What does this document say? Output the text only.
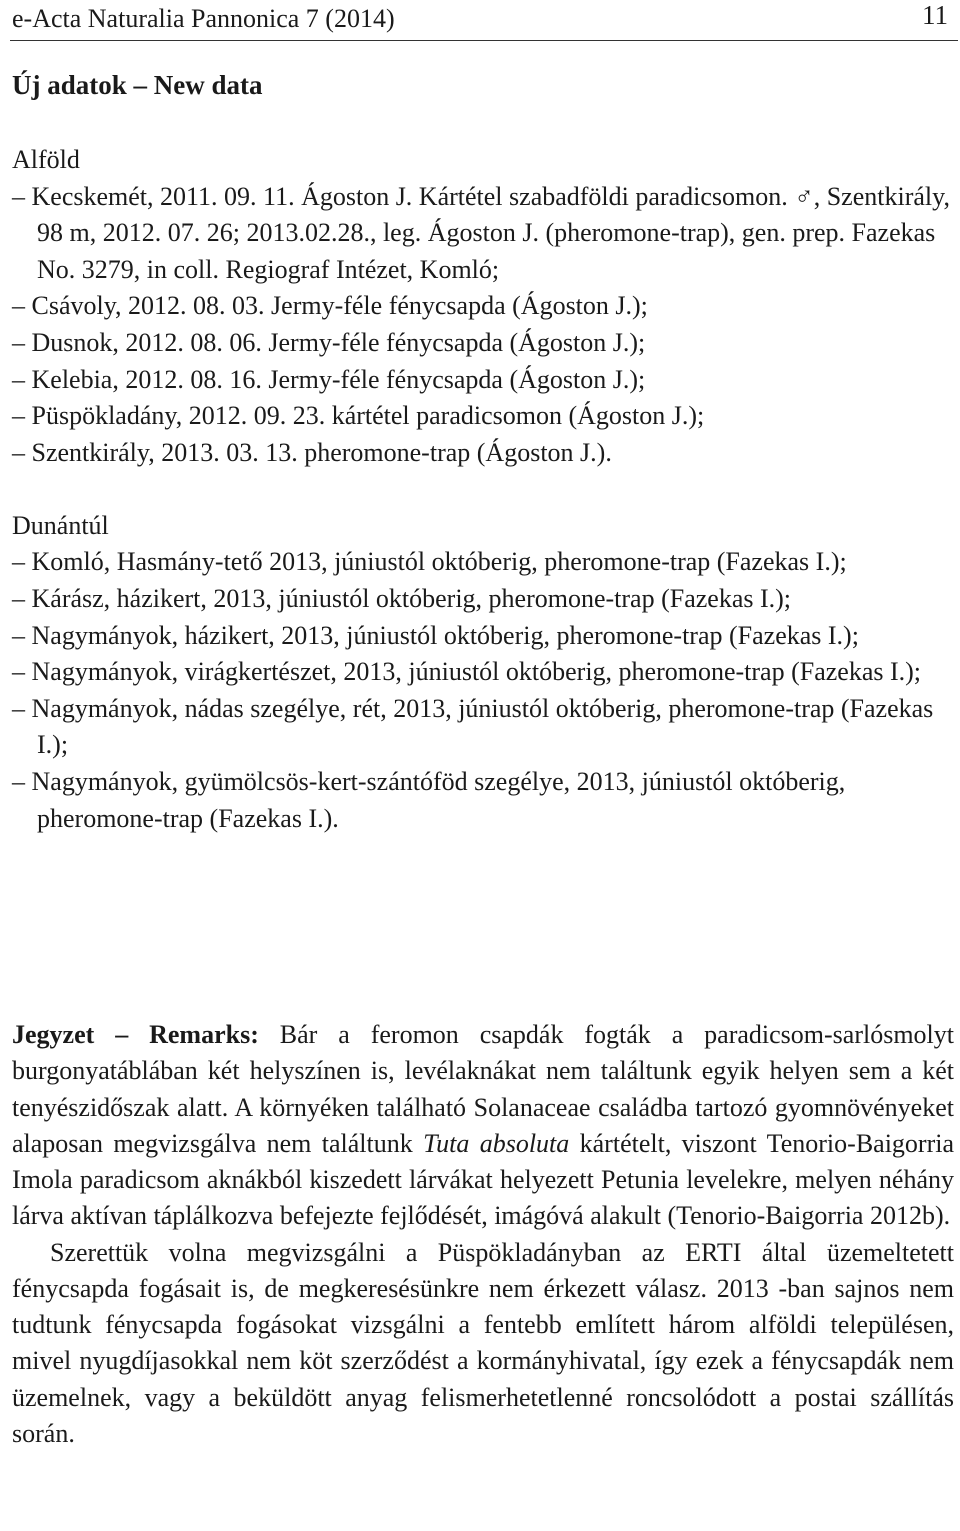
e-Acta Naturalia Pannonica 7 (2014)	11
Új adatok – New data

Alföld

– Kecskemét, 2011. 09. 11. Ágoston J. Kártétel szabadföldi paradicsomon. ♂, Szentkirály, 98 m, 2012. 07. 26; 2013.02.28., leg. Ágoston J. (pheromone-trap), gen. prep. Fazekas No. 3279, in coll. Regiograf Intézet, Komló;

– Csávoly, 2012. 08. 03. Jermy-féle fénycsapda (Ágoston J.);

– Dusnok, 2012. 08. 06. Jermy-féle fénycsapda (Ágoston J.);

– Kelebia, 2012. 08. 16. Jermy-féle fénycsapda (Ágoston J.);

– Püspökladány, 2012. 09. 23. kártétel paradicsomon (Ágoston J.);

– Szentkirály, 2013. 03. 13. pheromone-trap (Ágoston J.).

Dunántúl

– Komló, Hasmány-tető 2013, júniustól októberig, pheromone-trap (Fazekas I.);

– Kárász, házikert, 2013, júniustól októberig, pheromone-trap (Fazekas I.);

– Nagymányok, házikert, 2013, júniustól októberig, pheromone-trap (Fazekas I.);

– Nagymányok, virágkertészet, 2013, júniustól októberig, pheromone-trap (Fazekas I.);

– Nagymányok, nádas szegélye, rét, 2013, júniustól októberig, pheromone-trap (Fazekas I.);

– Nagymányok, gyümölcsös-kert-szántóföd szegélye, 2013, júniustól októberig, pheromone-trap (Fazekas I.).

Jegyzet – Remarks: Bár a feromon csapdák fogták a paradicsom-sarlósmolyt burgonyatáblában két helyszínen is, levélaknákat nem találtunk egyik helyen sem a két tenyészidőszak alatt. A környéken található Solanaceae családba tartozó gyomnövényeket alaposan megvizsgálva nem találtunk Tuta absoluta kártételt, viszont Tenorio-Baigorria Imola paradicsom aknákból kiszedett lárvákat helyezett Petunia levelekre, melyen néhány lárva aktívan táplálkozva befejezte fejlődését, imágóvá alakult (Tenorio-Baigorria 2012b).

Szerettük volna megvizsgálni a Püspökladányban az ERTI által üzemeltetett fénycsapda fogásait is, de megkeresésünkre nem érkezett válasz. 2013 -ban sajnos nem tudtunk fénycsapda fogásokat vizsgálni a fentebb említett három alföldi településen, mivel nyugdíjasokkal nem köt szerződést a kormányhivatal, így ezek a fénycsapdák nem üzemelnek, vagy a beküldött anyag felismerhetetlenné roncsolódott a postai szállítás során.
